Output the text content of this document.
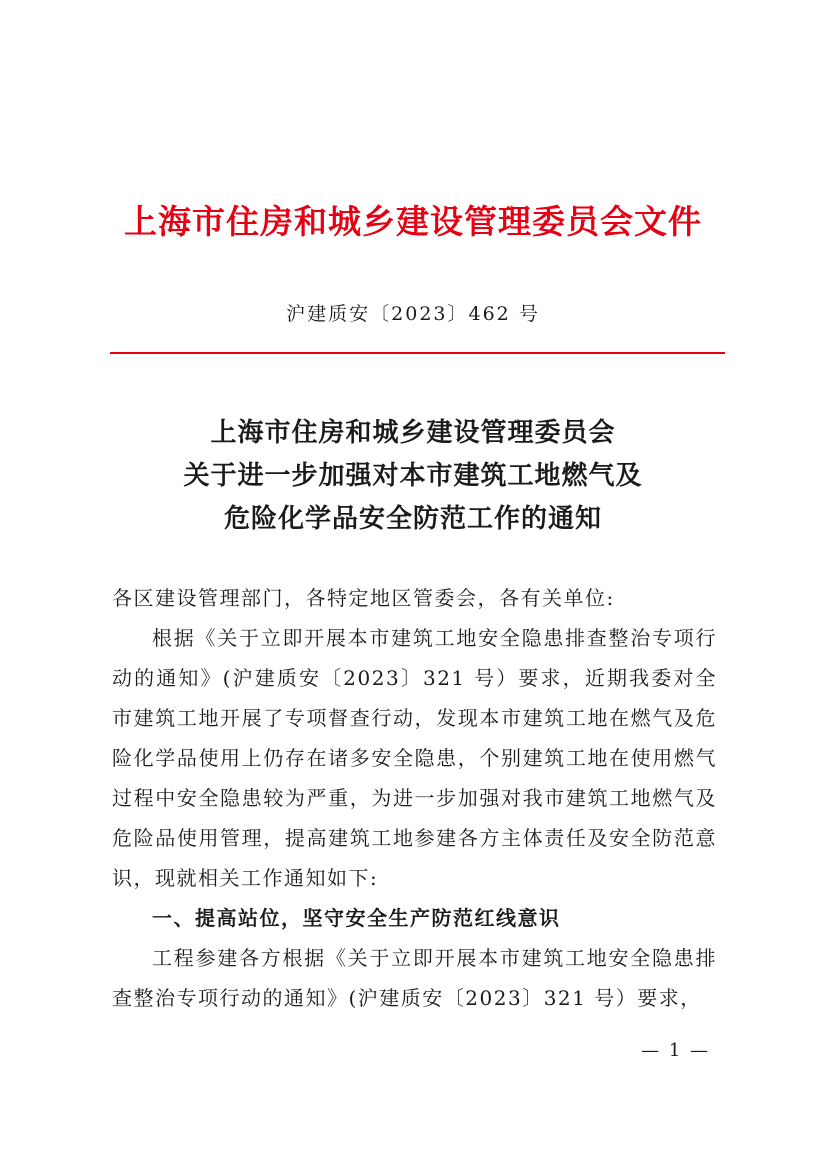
上海市住房和城乡建设管理委员会文件
沪建质安〔2023〕462 号
上海市住房和城乡建设管理委员会
关于进一步加强对本市建筑工地燃气及
危险化学品安全防范工作的通知

各区建设管理部门，各特定地区管委会，各有关单位:

根据《关于立即开展本市建筑工地安全隐患排查整治专项行动的通知》(沪建质安〔2023〕321 号）要求，近期我委对全市建筑工地开展了专项督查行动，发现本市建筑工地在燃气及危险化学品使用上仍存在诸多安全隐患，个别建筑工地在使用燃气过程中安全隐患较为严重，为进一步加强对我市建筑工地燃气及危险品使用管理，提高建筑工地参建各方主体责任及安全防范意识，现就相关工作通知如下:

一、提高站位，坚守安全生产防范红线意识

工程参建各方根据《关于立即开展本市建筑工地安全隐患排查整治专项行动的通知》(沪建质安〔2023〕321 号）要求，

— 1 —
